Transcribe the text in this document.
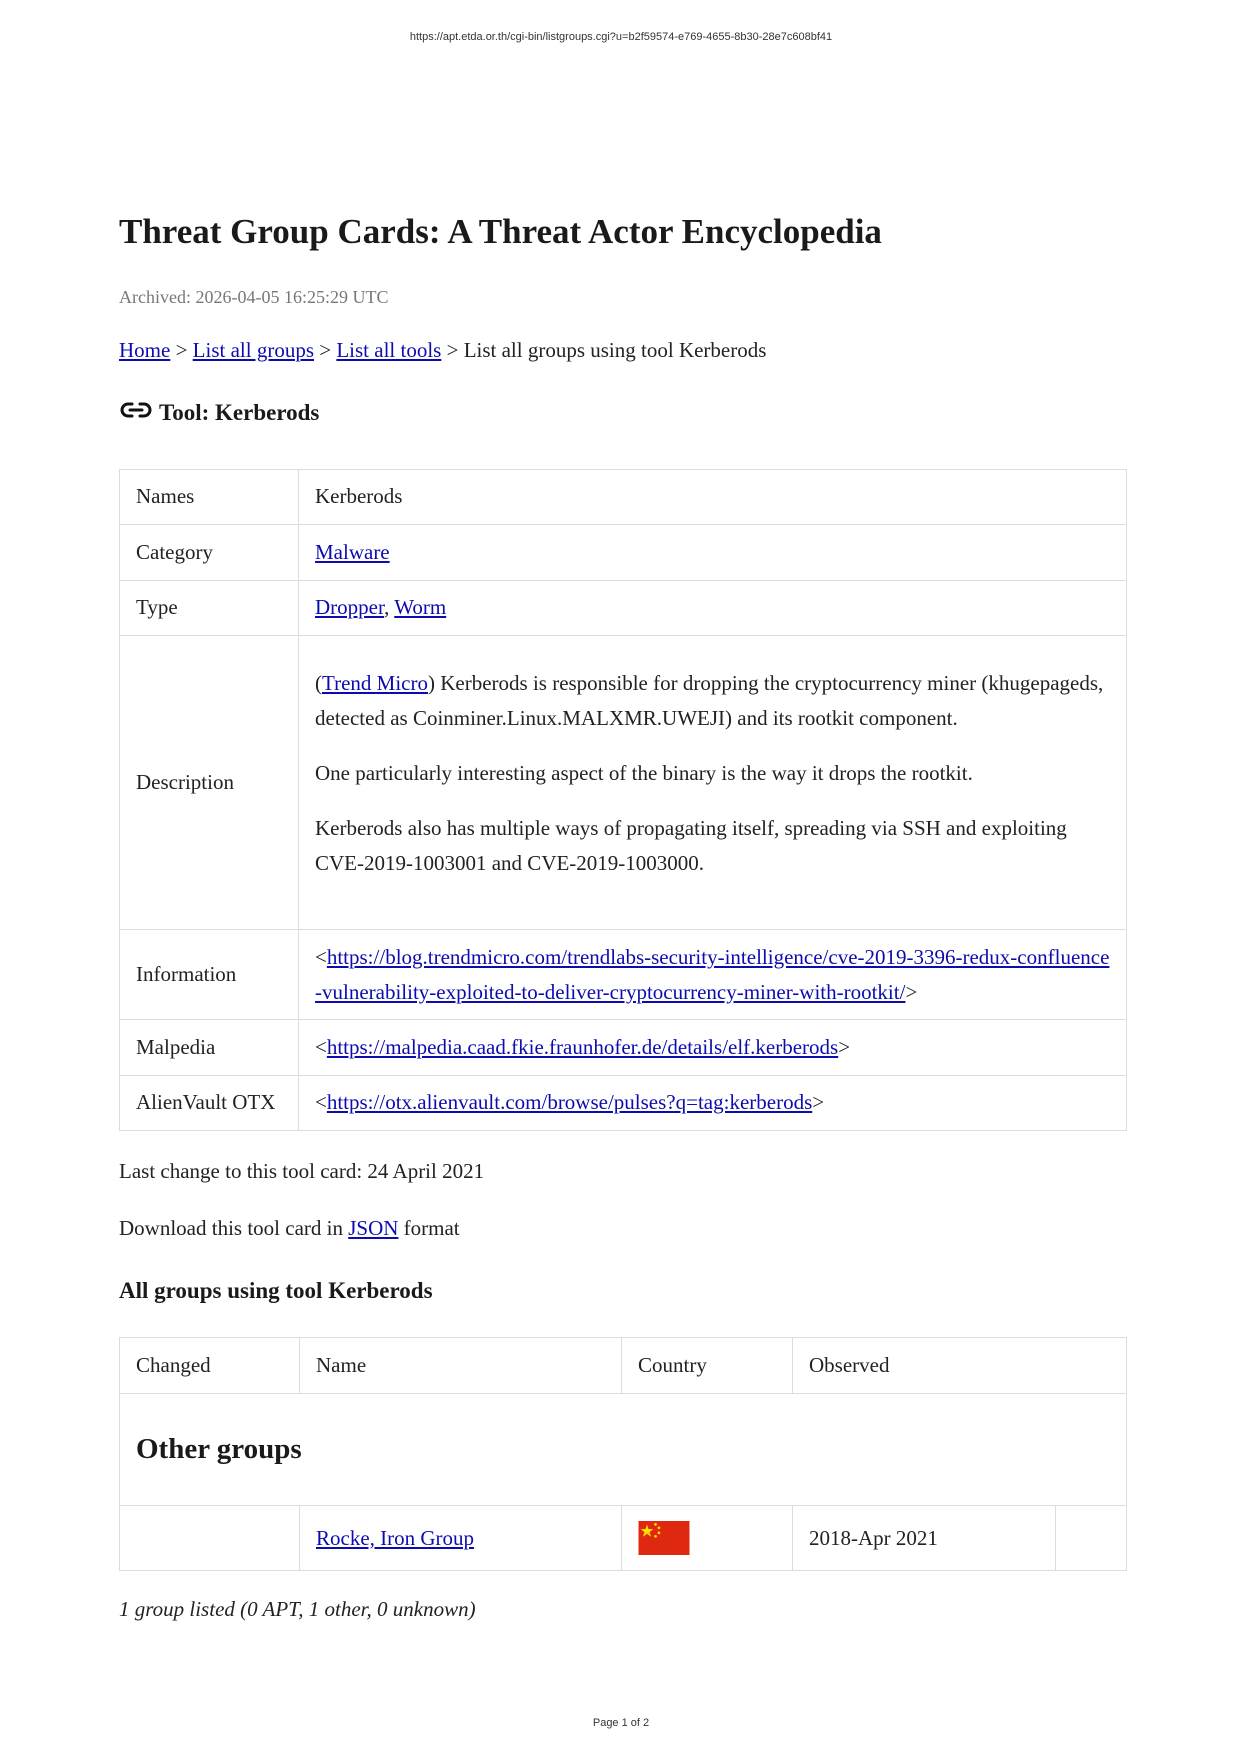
https://apt.etda.or.th/cgi-bin/listgroups.cgi?u=b2f59574-e769-4655-8b30-28e7c608bf41
Threat Group Cards: A Threat Actor Encyclopedia
Archived: 2026-04-05 16:25:29 UTC
Home > List all groups > List all tools > List all groups using tool Kerberods
Tool: Kerberods
Names	Kerberods
Category	Malware
Type	Dropper, Worm
Description	(Trend Micro) Kerberods is responsible for dropping the cryptocurrency miner (khugepageds, detected as Coinminer.Linux.MALXMR.UWEJI) and its rootkit component.

One particularly interesting aspect of the binary is the way it drops the rootkit.

Kerberods also has multiple ways of propagating itself, spreading via SSH and exploiting CVE-2019-1003001 and CVE-2019-1003000.

Information	<https://blog.trendmicro.com/trendlabs-security-intelligence/cve-2019-3396-redux-confluence-vulnerability-exploited-to-deliver-cryptocurrency-miner-with-rootkit/>
Malpedia	<https://malpedia.caad.fkie.fraunhofer.de/details/elf.kerberods>
AlienVault OTX	<https://otx.alienvault.com/browse/pulses?q=tag:kerberods>
Last change to this tool card: 24 April 2021
Download this tool card in JSON format
All groups using tool Kerberods
Changed	Name	Country	Observed	
Other groups				
	Rocke, Iron Group		2018-Apr 2021	
1 group listed (0 APT, 1 other, 0 unknown)
Page 1 of 2
